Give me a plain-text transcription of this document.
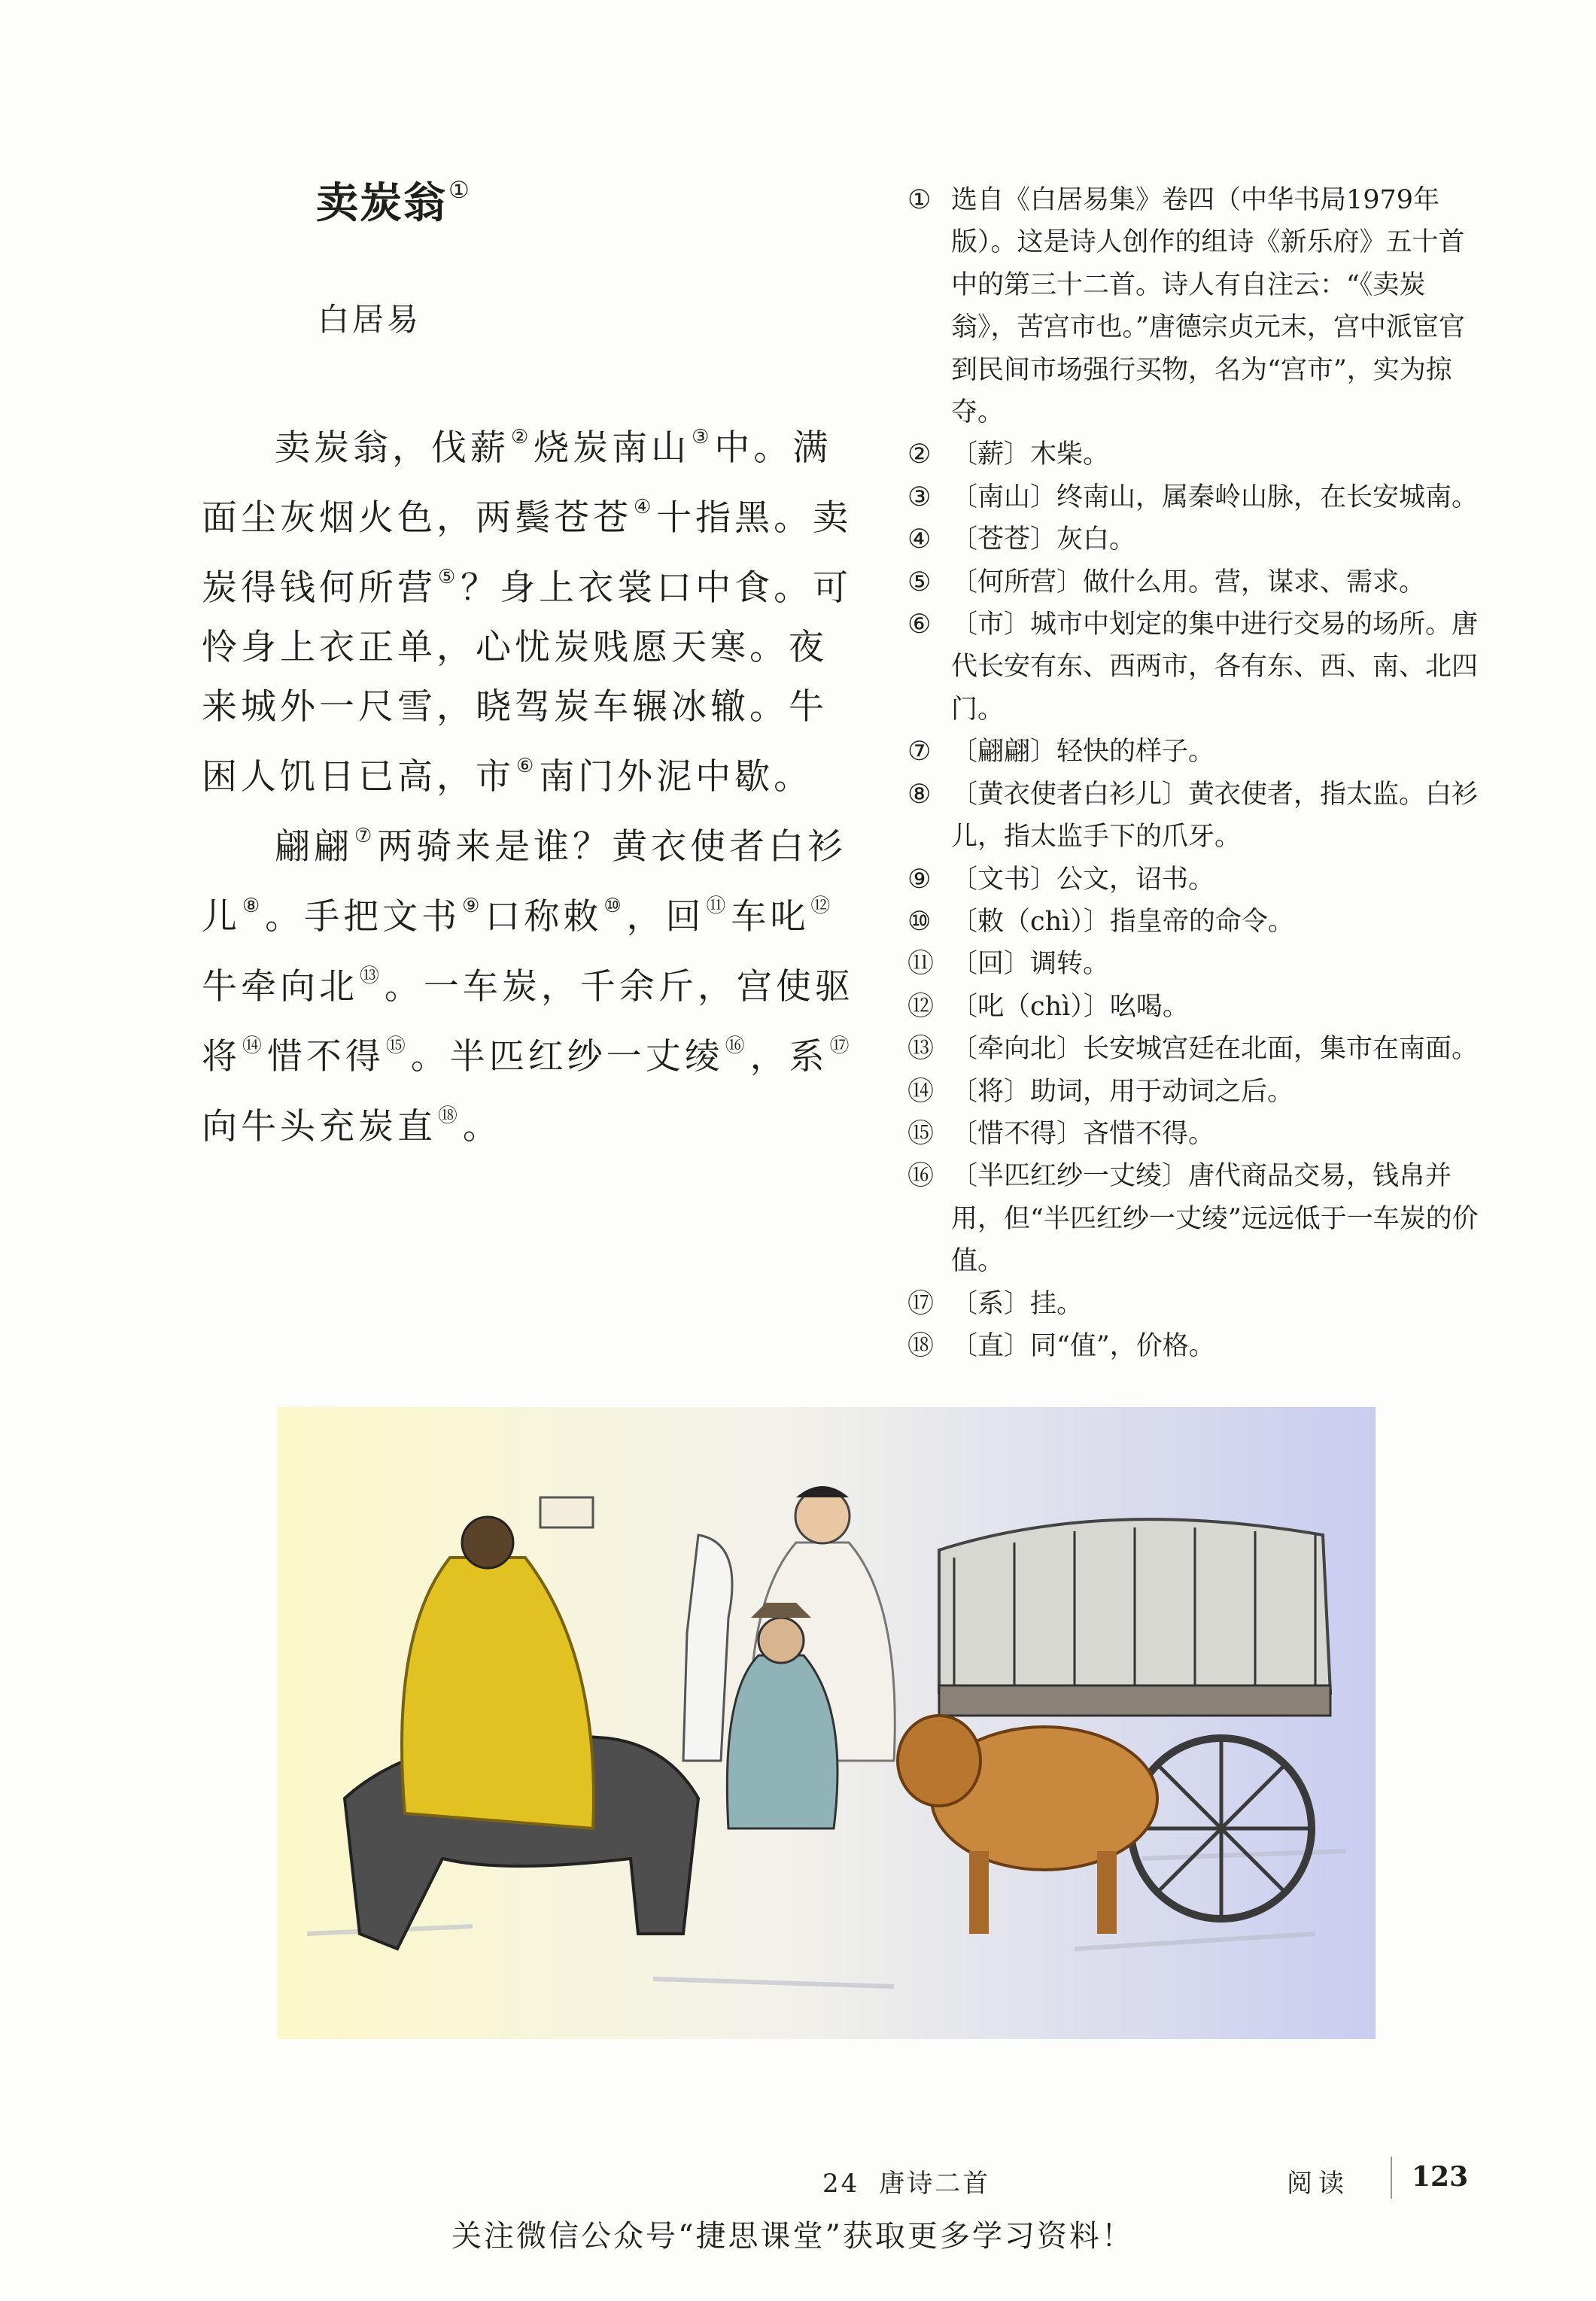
卖炭翁①
白居易

卖炭翁，伐薪②烧炭南山③中。满面尘灰烟火色，两鬓苍苍④十指黑。卖炭得钱何所营⑤？身上衣裳口中食。可怜身上衣正单，心忧炭贱愿天寒。夜来城外一尺雪，晓驾炭车辗冰辙。牛困人饥日已高，市⑥南门外泥中歇。

翩翩⑦两骑来是谁？黄衣使者白衫儿⑧。手把文书⑨口称敕⑩，回⑪车叱⑫牛牵向北⑬。一车炭，千余斤，宫使驱将⑭惜不得⑮。半匹红纱一丈绫⑯，系⑰向牛头充炭直⑱。

① 选自《白居易集》卷四（中华书局1979年版）。这是诗人创作的组诗《新乐府》五十首中的第三十二首。诗人有自注云：“《卖炭翁》，苦宫市也。”唐德宗贞元末，宫中派宦官到民间市场强行买物，名为“宫市”，实为掠夺。
② 〔薪〕木柴。
③ 〔南山〕终南山，属秦岭山脉，在长安城南。
④ 〔苍苍〕灰白。
⑤ 〔何所营〕做什么用。营，谋求、需求。
⑥ 〔市〕城市中划定的集中进行交易的场所。唐代长安有东、西两市，各有东、西、南、北四门。
⑦ 〔翩翩〕轻快的样子。
⑧ 〔黄衣使者白衫儿〕黄衣使者，指太监。白衫儿，指太监手下的爪牙。
⑨ 〔文书〕公文，诏书。
⑩ 〔敕（chì）〕指皇帝的命令。
⑪ 〔回〕调转。
⑫ 〔叱（chì）〕吆喝。
⑬ 〔牵向北〕长安城宫廷在北面，集市在南面。
⑭ 〔将〕助词，用于动词之后。
⑮ 〔惜不得〕吝惜不得。
⑯ 〔半匹红纱一丈绫〕唐代商品交易，钱帛并用，但“半匹红纱一丈绫”远远低于一车炭的价值。
⑰ 〔系〕挂。
⑱ 〔直〕同“值”，价格。
24 唐诗二首	阅读 123
关注微信公众号“捷思课堂”获取更多学习资料！
